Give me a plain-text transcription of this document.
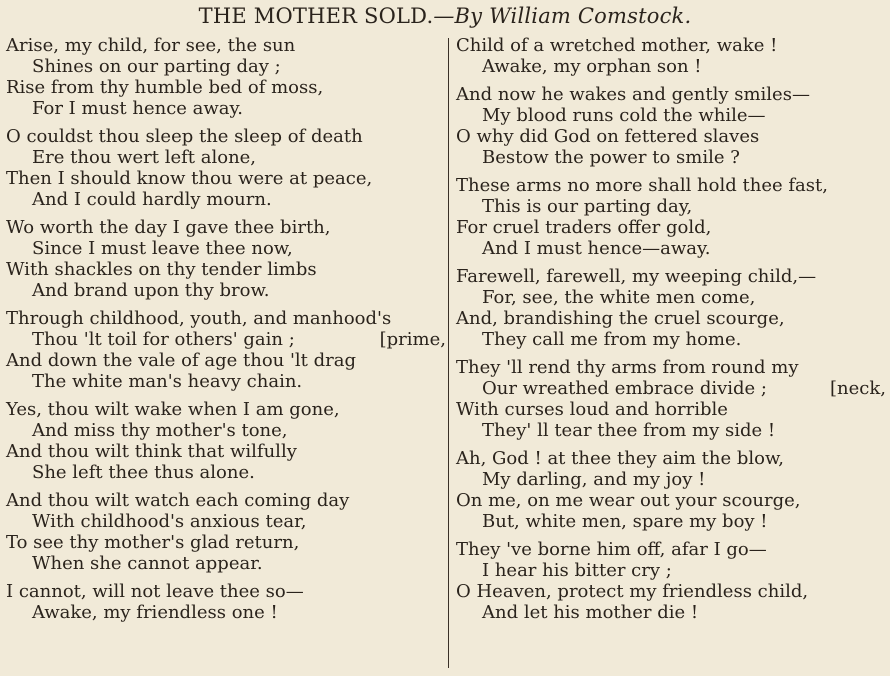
THE MOTHER SOLD.—By William Comstock.
Arise, my child, for see, the sun
Shines on our parting day ;
Rise from thy humble bed of moss,
For I must hence away.
O couldst thou sleep the sleep of death
Ere thou wert left alone,
Then I should know thou were at peace,
And I could hardly mourn.
Wo worth the day I gave thee birth,
Since I must leave thee now,
With shackles on thy tender limbs
And brand upon thy brow.
Through childhood, youth, and manhood's
Thou 'lt toil for others' gain ;	[prime,
And down the vale of age thou 'lt drag
The white man's heavy chain.
Yes, thou wilt wake when I am gone,
And miss thy mother's tone,
And thou wilt think that wilfully
She left thee thus alone.
And thou wilt watch each coming day
With childhood's anxious tear,
To see thy mother's glad return,
When she cannot appear.
I cannot, will not leave thee so—
Awake, my friendless one !
Child of a wretched mother, wake !
Awake, my orphan son !
And now he wakes and gently smiles—
My blood runs cold the while—
O why did God on fettered slaves
Bestow the power to smile ?
These arms no more shall hold thee fast,
This is our parting day,
For cruel traders offer gold,
And I must hence—away.
Farewell, farewell, my weeping child,—
For, see, the white men come,
And, brandishing the cruel scourge,
They call me from my home.
They 'll rend thy arms from round my
Our wreathed embrace divide ;	[neck,
With curses loud and horrible
They' ll tear thee from my side !
Ah, God ! at thee they aim the blow,
My darling, and my joy !
On me, on me wear out your scourge,
But, white men, spare my boy !
They 've borne him off, afar I go—
I hear his bitter cry ;
O Heaven, protect my friendless child,
And let his mother die !
